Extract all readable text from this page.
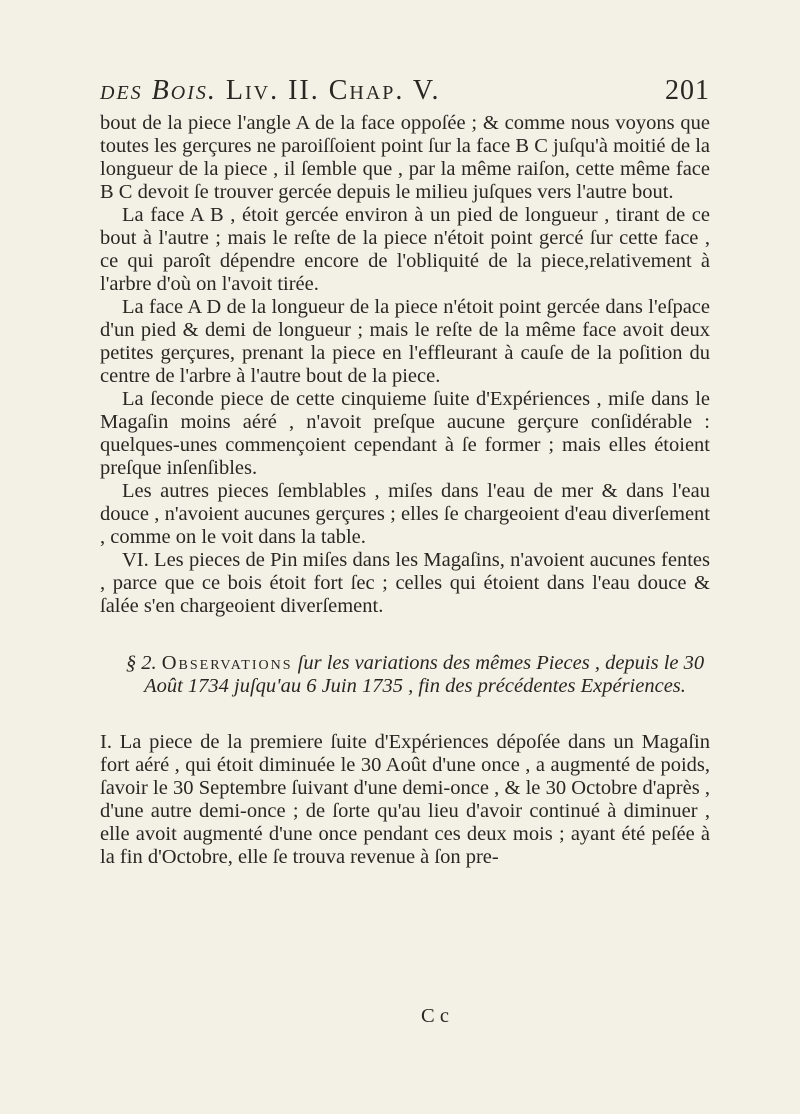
des Bois. Liv. II. Chap. V.	201

bout de la piece l'angle A de la face oppoſée ; & comme nous voyons que toutes les gerçures ne paroiſſoient point ſur la face B C juſqu'à moitié de la longueur de la piece , il ſemble que , par la même raiſon, cette même face B C devoit ſe trouver gercée depuis le milieu juſques vers l'autre bout.

La face A B , étoit gercée environ à un pied de longueur , tirant de ce bout à l'autre ; mais le reſte de la piece n'étoit point gercé ſur cette face , ce qui paroît dépendre encore de l'obliquité de la piece,relativement à l'arbre d'où on l'avoit tirée.

La face A D de la longueur de la piece n'étoit point gercée dans l'eſpace d'un pied & demi de longueur ; mais le reſte de la même face avoit deux petites gerçures, prenant la piece en l'effleurant à cauſe de la poſition du centre de l'arbre à l'autre bout de la piece.

La ſeconde piece de cette cinquieme ſuite d'Expériences , miſe dans le Magaſin moins aéré , n'avoit preſque aucune gerçure conſidérable : quelques-unes commençoient cependant à ſe former ; mais elles étoient preſque inſenſibles.

Les autres pieces ſemblables , miſes dans l'eau de mer & dans l'eau douce , n'avoient aucunes gerçures ; elles ſe chargeoient d'eau diverſement , comme on le voit dans la table.

VI. Les pieces de Pin miſes dans les Magaſins, n'avoient aucunes fentes , parce que ce bois étoit fort ſec ; celles qui étoient dans l'eau douce & ſalée s'en chargeoient diverſement.

§ 2. Observations ſur les variations des mêmes Pieces , depuis le 30 Août 1734 juſqu'au 6 Juin 1735 , fin des précédentes Expériences.

I. La piece de la premiere ſuite d'Expériences dépoſée dans un Magaſin fort aéré , qui étoit diminuée le 30 Août d'une once , a augmenté de poids, ſavoir le 30 Septembre ſuivant d'une demi-once , & le 30 Octobre d'après , d'une autre demi-once ; de ſorte qu'au lieu d'avoir continué à diminuer , elle avoit augmenté d'une once pendant ces deux mois ; ayant été peſée à la fin d'Octobre, elle ſe trouva revenue à ſon pre-

C c
